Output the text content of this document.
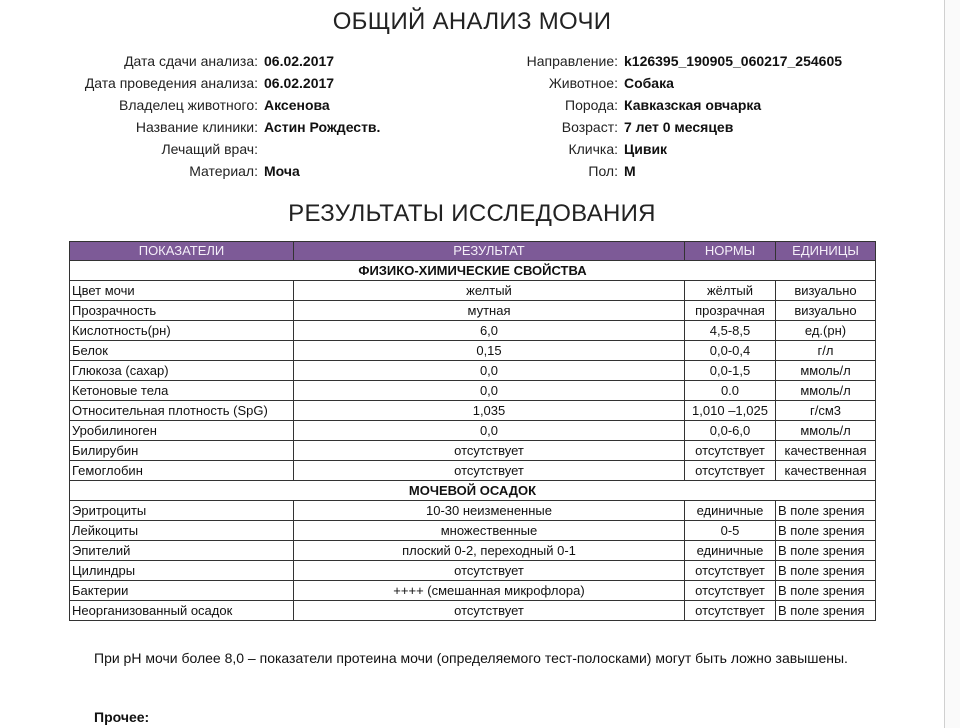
ОБЩИЙ АНАЛИЗ МОЧИ
Дата сдачи анализа: 06.02.2017
Дата проведения анализа: 06.02.2017
Владелец животного: Аксенова
Название клиники: Астин Рождеств.
Лечащий врач:
Материал: Моча
Направление: k126395_190905_060217_254605
Животное: Собака
Порода: Кавказская овчарка
Возраст: 7 лет 0 месяцев
Кличка: Цивик
Пол: М
РЕЗУЛЬТАТЫ ИССЛЕДОВАНИЯ
ПОКАЗАТЕЛИ	РЕЗУЛЬТАТ	НОРМЫ	ЕДИНИЦЫ
ФИЗИКО-ХИМИЧЕСКИЕ СВОЙСТВА			
Цвет мочи	желтый	жёлтый	визуально
Прозрачность	мутная	прозрачная	визуально
Кислотность(рн)	6,0	4,5-8,5	ед.(рн)
Белок	0,15	0,0-0,4	г/л
Глюкоза (сахар)	0,0	0,0-1,5	ммоль/л
Кетоновые тела	0,0	0.0	ммоль/л
Относительная плотность (SpG)	1,035	1,010 –1,025	г/см3
Уробилиноген	0,0	0,0-6,0	ммоль/л
Билирубин	отсутствует	отсутствует	качественная
Гемоглобин	отсутствует	отсутствует	качественная
МОЧЕВОЙ ОСАДОК			
Эритроциты	10-30 неизмененные	единичные	В поле зрения
Лейкоциты	множественные	0-5	В поле зрения
Эпителий	плоский 0-2, переходный 0-1	единичные	В поле зрения
Цилиндры	отсутствует	отсутствует	В поле зрения
Бактерии	++++ (смешанная микрофлора)	отсутствует	В поле зрения
Неорганизованный осадок	отсутствует	отсутствует	В поле зрения
При pH мочи более 8,0 – показатели протеина мочи (определяемого тест-полосками) могут быть ложно завышены.
Прочее:
